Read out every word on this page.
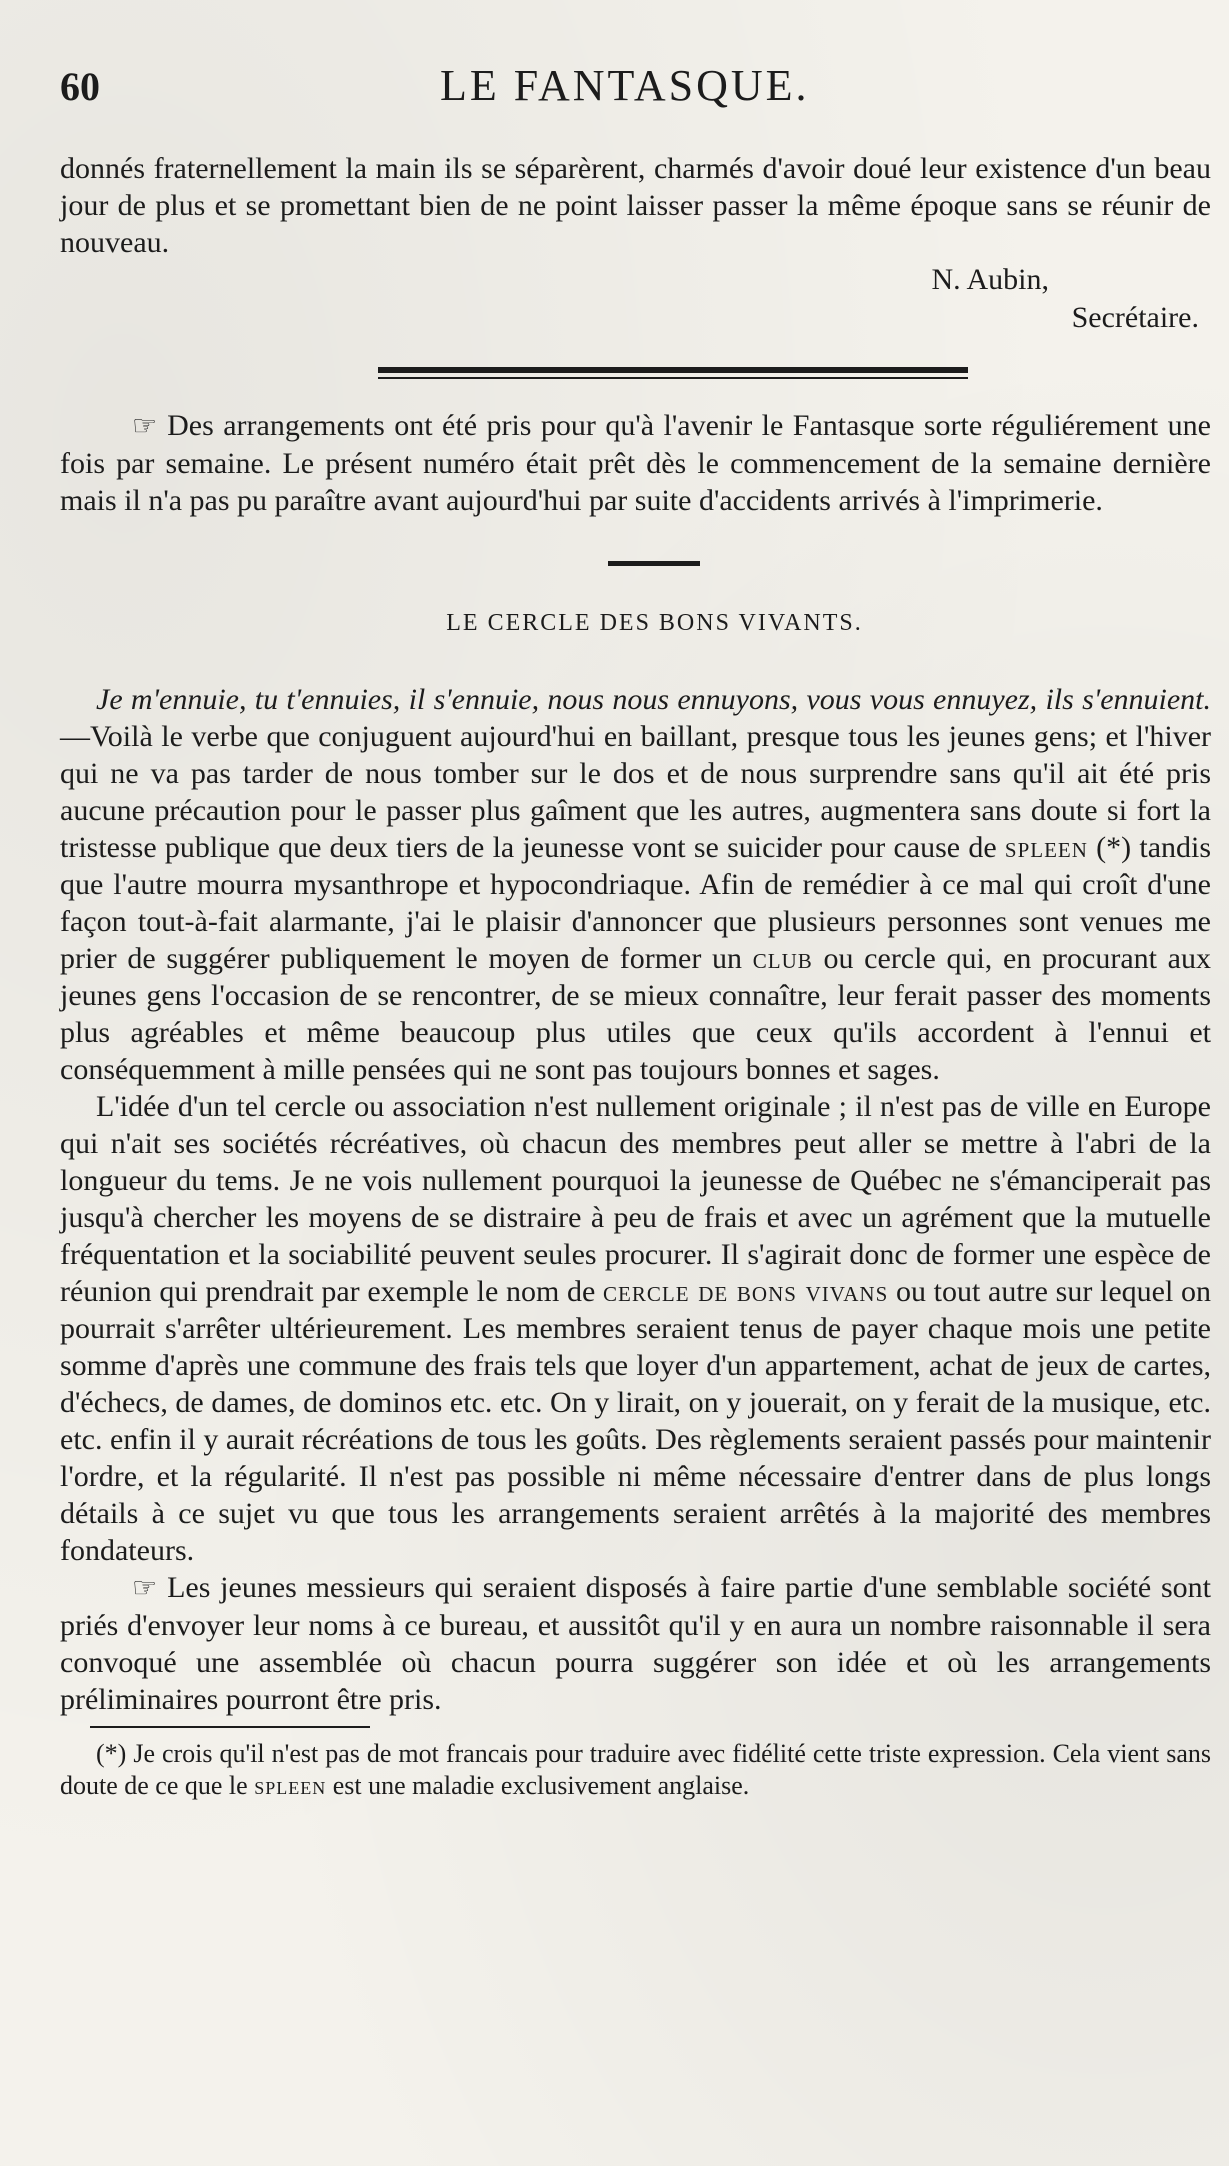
60	LE FANTASQUE.

donnés fraternellement la main ils se séparèrent, charmés d'avoir doué leur existence d'un beau jour de plus et se promettant bien de ne point laisser passer la même époque sans se réunir de nouveau.

N. Aubin,
Secrétaire.

☞ Des arrangements ont été pris pour qu'à l'avenir le Fantasque sorte réguliérement une fois par semaine. Le présent numéro était prêt dès le commencement de la semaine dernière mais il n'a pas pu paraître avant aujourd'hui par suite d'accidents arrivés à l'imprimerie.

LE CERCLE DES BONS VIVANTS.

Je m'ennuie, tu t'ennuies, il s'ennuie, nous nous ennuyons, vous vous ennuyez, ils s'ennuient.—Voilà le verbe que conjuguent aujourd'hui en baillant, presque tous les jeunes gens; et l'hiver qui ne va pas tarder de nous tomber sur le dos et de nous surprendre sans qu'il ait été pris aucune précaution pour le passer plus gaîment que les autres, augmentera sans doute si fort la tristesse publique que deux tiers de la jeunesse vont se suicider pour cause de spleen (*) tandis que l'autre mourra mysanthrope et hypocondriaque. Afin de remédier à ce mal qui croît d'une façon tout-à-fait alarmante, j'ai le plaisir d'annoncer que plusieurs personnes sont venues me prier de suggérer publiquement le moyen de former un club ou cercle qui, en procurant aux jeunes gens l'occasion de se rencontrer, de se mieux connaître, leur ferait passer des moments plus agréables et même beaucoup plus utiles que ceux qu'ils accordent à l'ennui et conséquemment à mille pensées qui ne sont pas toujours bonnes et sages.

L'idée d'un tel cercle ou association n'est nullement originale ; il n'est pas de ville en Europe qui n'ait ses sociétés récréatives, où chacun des membres peut aller se mettre à l'abri de la longueur du tems. Je ne vois nullement pourquoi la jeunesse de Québec ne s'émanciperait pas jusqu'à chercher les moyens de se distraire à peu de frais et avec un agrément que la mutuelle fréquentation et la sociabilité peuvent seules procurer. Il s'agirait donc de former une espèce de réunion qui prendrait par exemple le nom de cercle de bons vivans ou tout autre sur lequel on pourrait s'arrêter ultérieurement. Les membres seraient tenus de payer chaque mois une petite somme d'après une commune des frais tels que loyer d'un appartement, achat de jeux de cartes, d'échecs, de dames, de dominos etc. etc. On y lirait, on y jouerait, on y ferait de la musique, etc. etc. enfin il y aurait récréations de tous les goûts. Des règlements seraient passés pour maintenir l'ordre, et la régularité. Il n'est pas possible ni même nécessaire d'entrer dans de plus longs détails à ce sujet vu que tous les arrangements seraient arrêtés à la majorité des membres fondateurs.

☞ Les jeunes messieurs qui seraient disposés à faire partie d'une semblable société sont priés d'envoyer leur noms à ce bureau, et aussitôt qu'il y en aura un nombre raisonnable il sera convoqué une assemblée où chacun pourra suggérer son idée et où les arrangements préliminaires pourront être pris.

(*) Je crois qu'il n'est pas de mot francais pour traduire avec fidélité cette triste expression. Cela vient sans doute de ce que le spleen est une maladie exclusivement anglaise.
